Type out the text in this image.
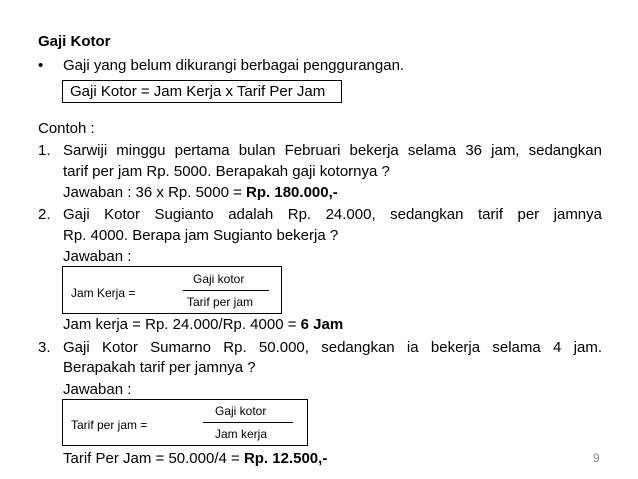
Gaji Kotor
• Gaji yang belum dikurangi berbagai penggurangan.
Gaji Kotor = Jam Kerja x Tarif Per Jam
Contoh :
1. Sarwiji minggu pertama bulan Februari bekerja selama 36 jam, sedangkan
tarif per jam Rp. 5000. Berapakah gaji kotornya ?
Jawaban : 36 x Rp. 5000 = Rp. 180.000,-
2. Gaji Kotor Sugianto adalah Rp. 24.000, sedangkan tarif per jamnya
Rp. 4000. Berapa jam Sugianto bekerja ?
Jawaban :
Jam Kerja =
Gaji kotor
Tarif per jam
Jam kerja = Rp. 24.000/Rp. 4000 = 6 Jam
3. Gaji Kotor Sumarno Rp. 50.000, sedangkan ia bekerja selama 4 jam.
Berapakah tarif per jamnya ?
Jawaban :
Tarif per jam =
Gaji kotor
Jam kerja
Tarif Per Jam = 50.000/4 = Rp. 12.500,-	9
